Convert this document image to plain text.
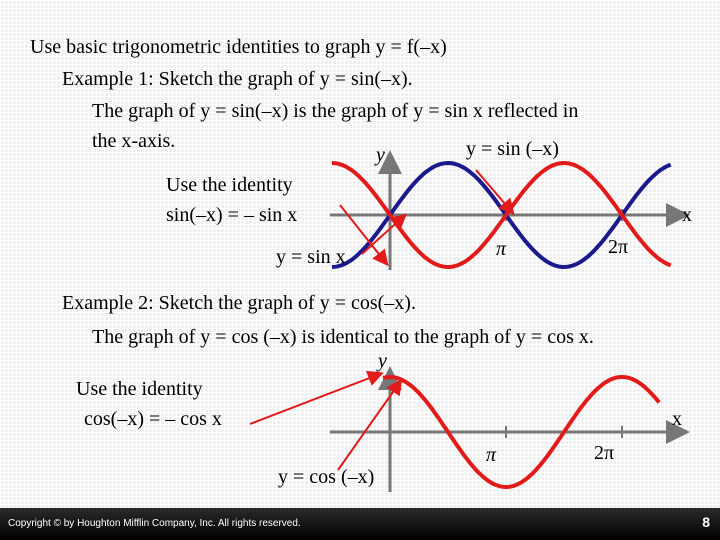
Use basic trigonometric identities to graph y = f(–x)
Example 1: Sketch the graph of y = sin(–x).
The graph of y = sin(–x) is the graph of y = sin x reflected in
the x-axis.
Use the identity
sin(–x) = – sin x
Example 2: Sketch the graph of y = cos(–x).
The graph of y = cos (–x) is identical to the graph of y = cos x.
Use the identity
cos(–x) = – cos x
y
x
y = sin (–x)
y = sin x	π	2π
y
x
y = cos (–x)
π	2π
Copyright © by Houghton Mifflin Company, Inc. All rights reserved.	8
